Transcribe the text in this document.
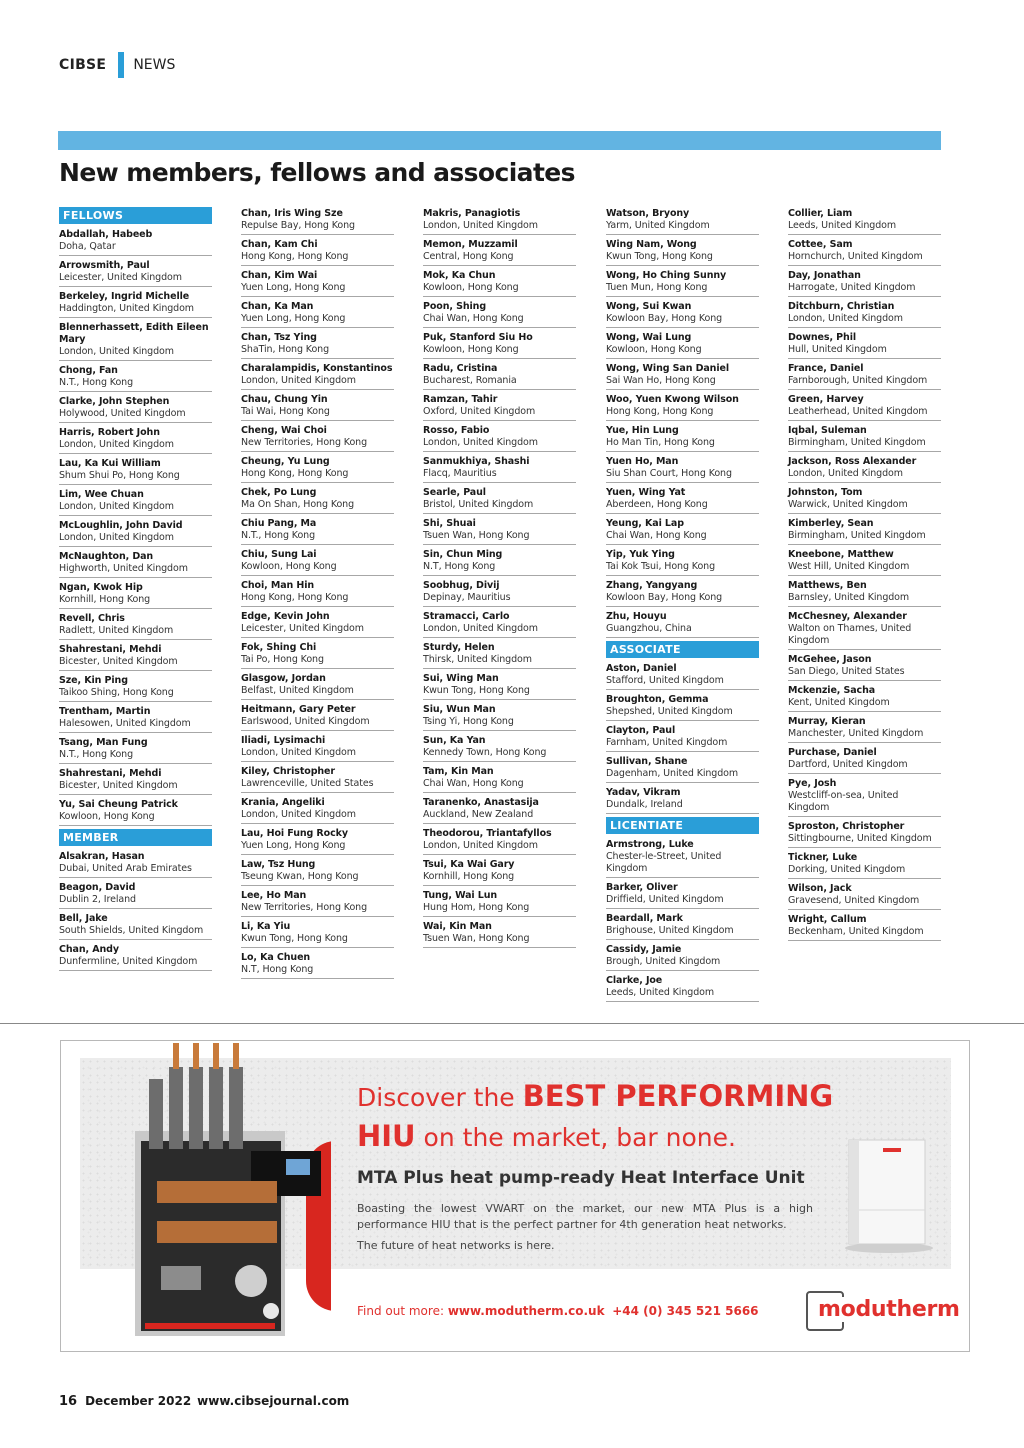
CIBSE NEWS
New members, fellows and associates
FELLOWS
Abdallah, Habeeb
Doha, Qatar
Arrowsmith, Paul
Leicester, United Kingdom
Berkeley, Ingrid Michelle
Haddington, United Kingdom
Blennerhassett, Edith Eileen Mary
London, United Kingdom
Chong, Fan
N.T., Hong Kong
Clarke, John Stephen
Holywood, United Kingdom
Harris, Robert John
London, United Kingdom
Lau, Ka Kui William
Shum Shui Po, Hong Kong
Lim, Wee Chuan
London, United Kingdom
McLoughlin, John David
London, United Kingdom
McNaughton, Dan
Highworth, United Kingdom
Ngan, Kwok Hip
Kornhill, Hong Kong
Revell, Chris
Radlett, United Kingdom
Shahrestani, Mehdi
Bicester, United Kingdom
Sze, Kin Ping
Taikoo Shing, Hong Kong
Trentham, Martin
Halesowen, United Kingdom
Tsang, Man Fung
N.T., Hong Kong
Shahrestani, Mehdi
Bicester, United Kingdom
Yu, Sai Cheung Patrick
Kowloon, Hong Kong
MEMBER
Alsakran, Hasan
Dubai, United Arab Emirates
Beagon, David
Dublin 2, Ireland
Bell, Jake
South Shields, United Kingdom
Chan, Andy
Dunfermline, United Kingdom
Chan, Iris Wing Sze
Repulse Bay, Hong Kong
Chan, Kam Chi
Hong Kong, Hong Kong
Chan, Kim Wai
Yuen Long, Hong Kong
Chan, Ka Man
Yuen Long, Hong Kong
Chan, Tsz Ying
ShaTin, Hong Kong
Charalampidis, Konstantinos
London, United Kingdom
Chau, Chung Yin
Tai Wai, Hong Kong
Cheng, Wai Choi
New Territories, Hong Kong
Cheung, Yu Lung
Hong Kong, Hong Kong
Chek, Po Lung
Ma On Shan, Hong Kong
Chiu Pang, Ma
N.T., Hong Kong
Chiu, Sung Lai
Kowloon, Hong Kong
Choi, Man Hin
Hong Kong, Hong Kong
Edge, Kevin John
Leicester, United Kingdom
Fok, Shing Chi
Tai Po, Hong Kong
Glasgow, Jordan
Belfast, United Kingdom
Heitmann, Gary Peter
Earlswood, United Kingdom
Iliadi, Lysimachi
London, United Kingdom
Kiley, Christopher
Lawrenceville, United States
Krania, Angeliki
London, United Kingdom
Lau, Hoi Fung Rocky
Yuen Long, Hong Kong
Law, Tsz Hung
Tseung Kwan, Hong Kong
Lee, Ho Man
New Territories, Hong Kong
Li, Ka Yiu
Kwun Tong, Hong Kong
Lo, Ka Chuen
N.T, Hong Kong
Makris, Panagiotis
London, United Kingdom
Memon, Muzzamil
Central, Hong Kong
Mok, Ka Chun
Kowloon, Hong Kong
Poon, Shing
Chai Wan, Hong Kong
Puk, Stanford Siu Ho
Kowloon, Hong Kong
Radu, Cristina
Bucharest, Romania
Ramzan, Tahir
Oxford, United Kingdom
Rosso, Fabio
London, United Kingdom
Sanmukhiya, Shashi
Flacq, Mauritius
Searle, Paul
Bristol, United Kingdom
Shi, Shuai
Tsuen Wan, Hong Kong
Sin, Chun Ming
N.T, Hong Kong
Soobhug, Divij
Depinay, Mauritius
Stramacci, Carlo
London, United Kingdom
Sturdy, Helen
Thirsk, United Kingdom
Sui, Wing Man
Kwun Tong, Hong Kong
Siu, Wun Man
Tsing Yi, Hong Kong
Sun, Ka Yan
Kennedy Town, Hong Kong
Tam, Kin Man
Chai Wan, Hong Kong
Taranenko, Anastasija
Auckland, New Zealand
Theodorou, Triantafyllos
London, United Kingdom
Tsui, Ka Wai Gary
Kornhill, Hong Kong
Tung, Wai Lun
Hung Hom, Hong Kong
Wai, Kin Man
Tsuen Wan, Hong Kong
Watson, Bryony
Yarm, United Kingdom
Wing Nam, Wong
Kwun Tong, Hong Kong
Wong, Ho Ching Sunny
Tuen Mun, Hong Kong
Wong, Sui Kwan
Kowloon Bay, Hong Kong
Wong, Wai Lung
Kowloon, Hong Kong
Wong, Wing San Daniel
Sai Wan Ho, Hong Kong
Woo, Yuen Kwong Wilson
Hong Kong, Hong Kong
Yue, Hin Lung
Ho Man Tin, Hong Kong
Yuen Ho, Man
Siu Shan Court, Hong Kong
Yuen, Wing Yat
Aberdeen, Hong Kong
Yeung, Kai Lap
Chai Wan, Hong Kong
Yip, Yuk Ying
Tai Kok Tsui, Hong Kong
Zhang, Yangyang
Kowloon Bay, Hong Kong
Zhu, Houyu
Guangzhou, China
ASSOCIATE
Aston, Daniel
Stafford, United Kingdom
Broughton, Gemma
Shepshed, United Kingdom
Clayton, Paul
Farnham, United Kingdom
Sullivan, Shane
Dagenham, United Kingdom
Yadav, Vikram
Dundalk, Ireland
LICENTIATE
Armstrong, Luke
Chester-le-Street, United Kingdom
Barker, Oliver
Driffield, United Kingdom
Beardall, Mark
Brighouse, United Kingdom
Cassidy, Jamie
Brough, United Kingdom
Clarke, Joe
Leeds, United Kingdom
Collier, Liam
Leeds, United Kingdom
Cottee, Sam
Hornchurch, United Kingdom
Day, Jonathan
Harrogate, United Kingdom
Ditchburn, Christian
London, United Kingdom
Downes, Phil
Hull, United Kingdom
France, Daniel
Farnborough, United Kingdom
Green, Harvey
Leatherhead, United Kingdom
Iqbal, Suleman
Birmingham, United Kingdom
Jackson, Ross Alexander
London, United Kingdom
Johnston, Tom
Warwick, United Kingdom
Kimberley, Sean
Birmingham, United Kingdom
Kneebone, Matthew
West Hill, United Kingdom
Matthews, Ben
Barnsley, United Kingdom
McChesney, Alexander
Walton on Thames, United Kingdom
McGehee, Jason
San Diego, United States
Mckenzie, Sacha
Kent, United Kingdom
Murray, Kieran
Manchester, United Kingdom
Purchase, Daniel
Dartford, United Kingdom
Pye, Josh
Westcliff-on-sea, United Kingdom
Sproston, Christopher
Sittingbourne, United Kingdom
Tickner, Luke
Dorking, United Kingdom
Wilson, Jack
Gravesend, United Kingdom
Wright, Callum
Beckenham, United Kingdom
Discover the BEST PERFORMING
HIU on the market, bar none.
MTA Plus heat pump-ready Heat Interface Unit
Boasting the lowest VWART on the market, our new MTA Plus is a high performance HIU that is the perfect partner for 4th generation heat networks.
The future of heat networks is here.
Find out more: www.modutherm.co.uk +44 (0) 345 521 5666	modutherm
16 December 2022 www.cibsejournal.com
